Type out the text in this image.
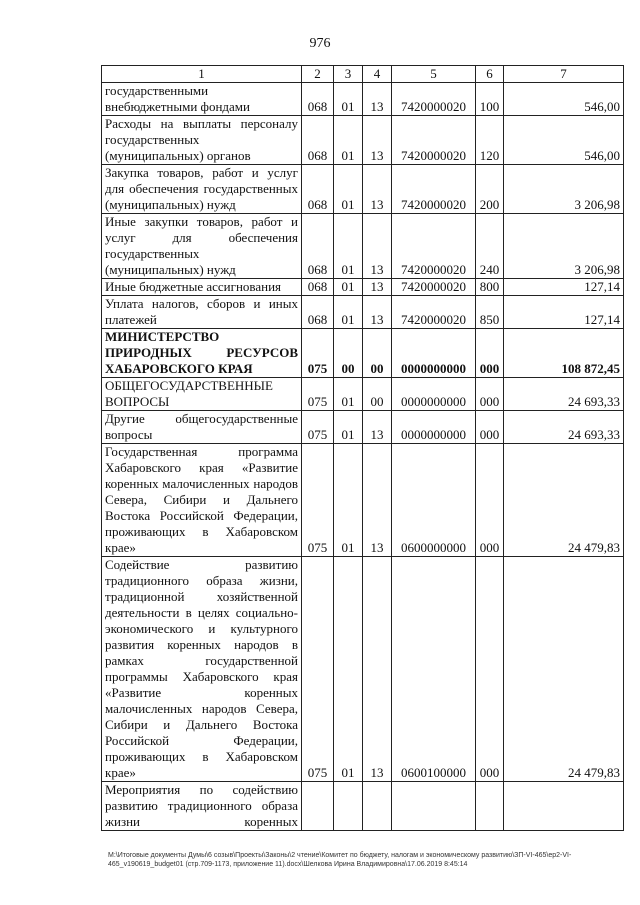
976
1	2	3	4	5	6	7
государственными внебюджетными фондами	068	01	13	7420000020	100	546,00
Расходы на выплаты персоналу государственных (муниципальных) органов	068	01	13	7420000020	120	546,00
Закупка товаров, работ и услуг для обеспечения государственных (муниципальных) нужд	068	01	13	7420000020	200	3 206,98
Иные закупки товаров, работ и услуг для обеспечения государственных (муниципальных) нужд	068	01	13	7420000020	240	3 206,98
Иные бюджетные ассигнования	068	01	13	7420000020	800	127,14
Уплата налогов, сборов и иных платежей	068	01	13	7420000020	850	127,14
МИНИСТЕРСТВО ПРИРОДНЫХ РЕСУРСОВ ХАБАРОВСКОГО КРАЯ	075	00	00	0000000000	000	108 872,45
ОБЩЕГОСУДАРСТВЕННЫЕ ВОПРОСЫ	075	01	00	0000000000	000	24 693,33
Другие общегосударственные вопросы	075	01	13	0000000000	000	24 693,33
Государственная программа Хабаровского края «Развитие коренных малочисленных народов Севера, Сибири и Дальнего Востока Российской Федерации, проживающих в Хабаровском крае»	075	01	13	0600000000	000	24 479,83
Содействие развитию традиционного образа жизни, традиционной хозяйственной деятельности в целях социально-экономического и культурного развития коренных народов в рамках государственной программы Хабаровского края «Развитие коренных малочисленных народов Севера, Сибири и Дальнего Востока Российской Федерации, проживающих в Хабаровском крае»	075	01	13	0600100000	000	24 479,83
Мероприятия по содействию развитию традиционного образа жизни коренных						
M:\Итоговые документы Думы\6 созыв\Проекты\Законы\2 чтение\Комитет по бюджету, налогам и экономическому развитию\ЗП-VI-465\ep2-VI-465_v190619_budget01 (стр.709-1173, приложение 11).docx\Шелкова Ирина Владимировна\17.06.2019 8:45:14
